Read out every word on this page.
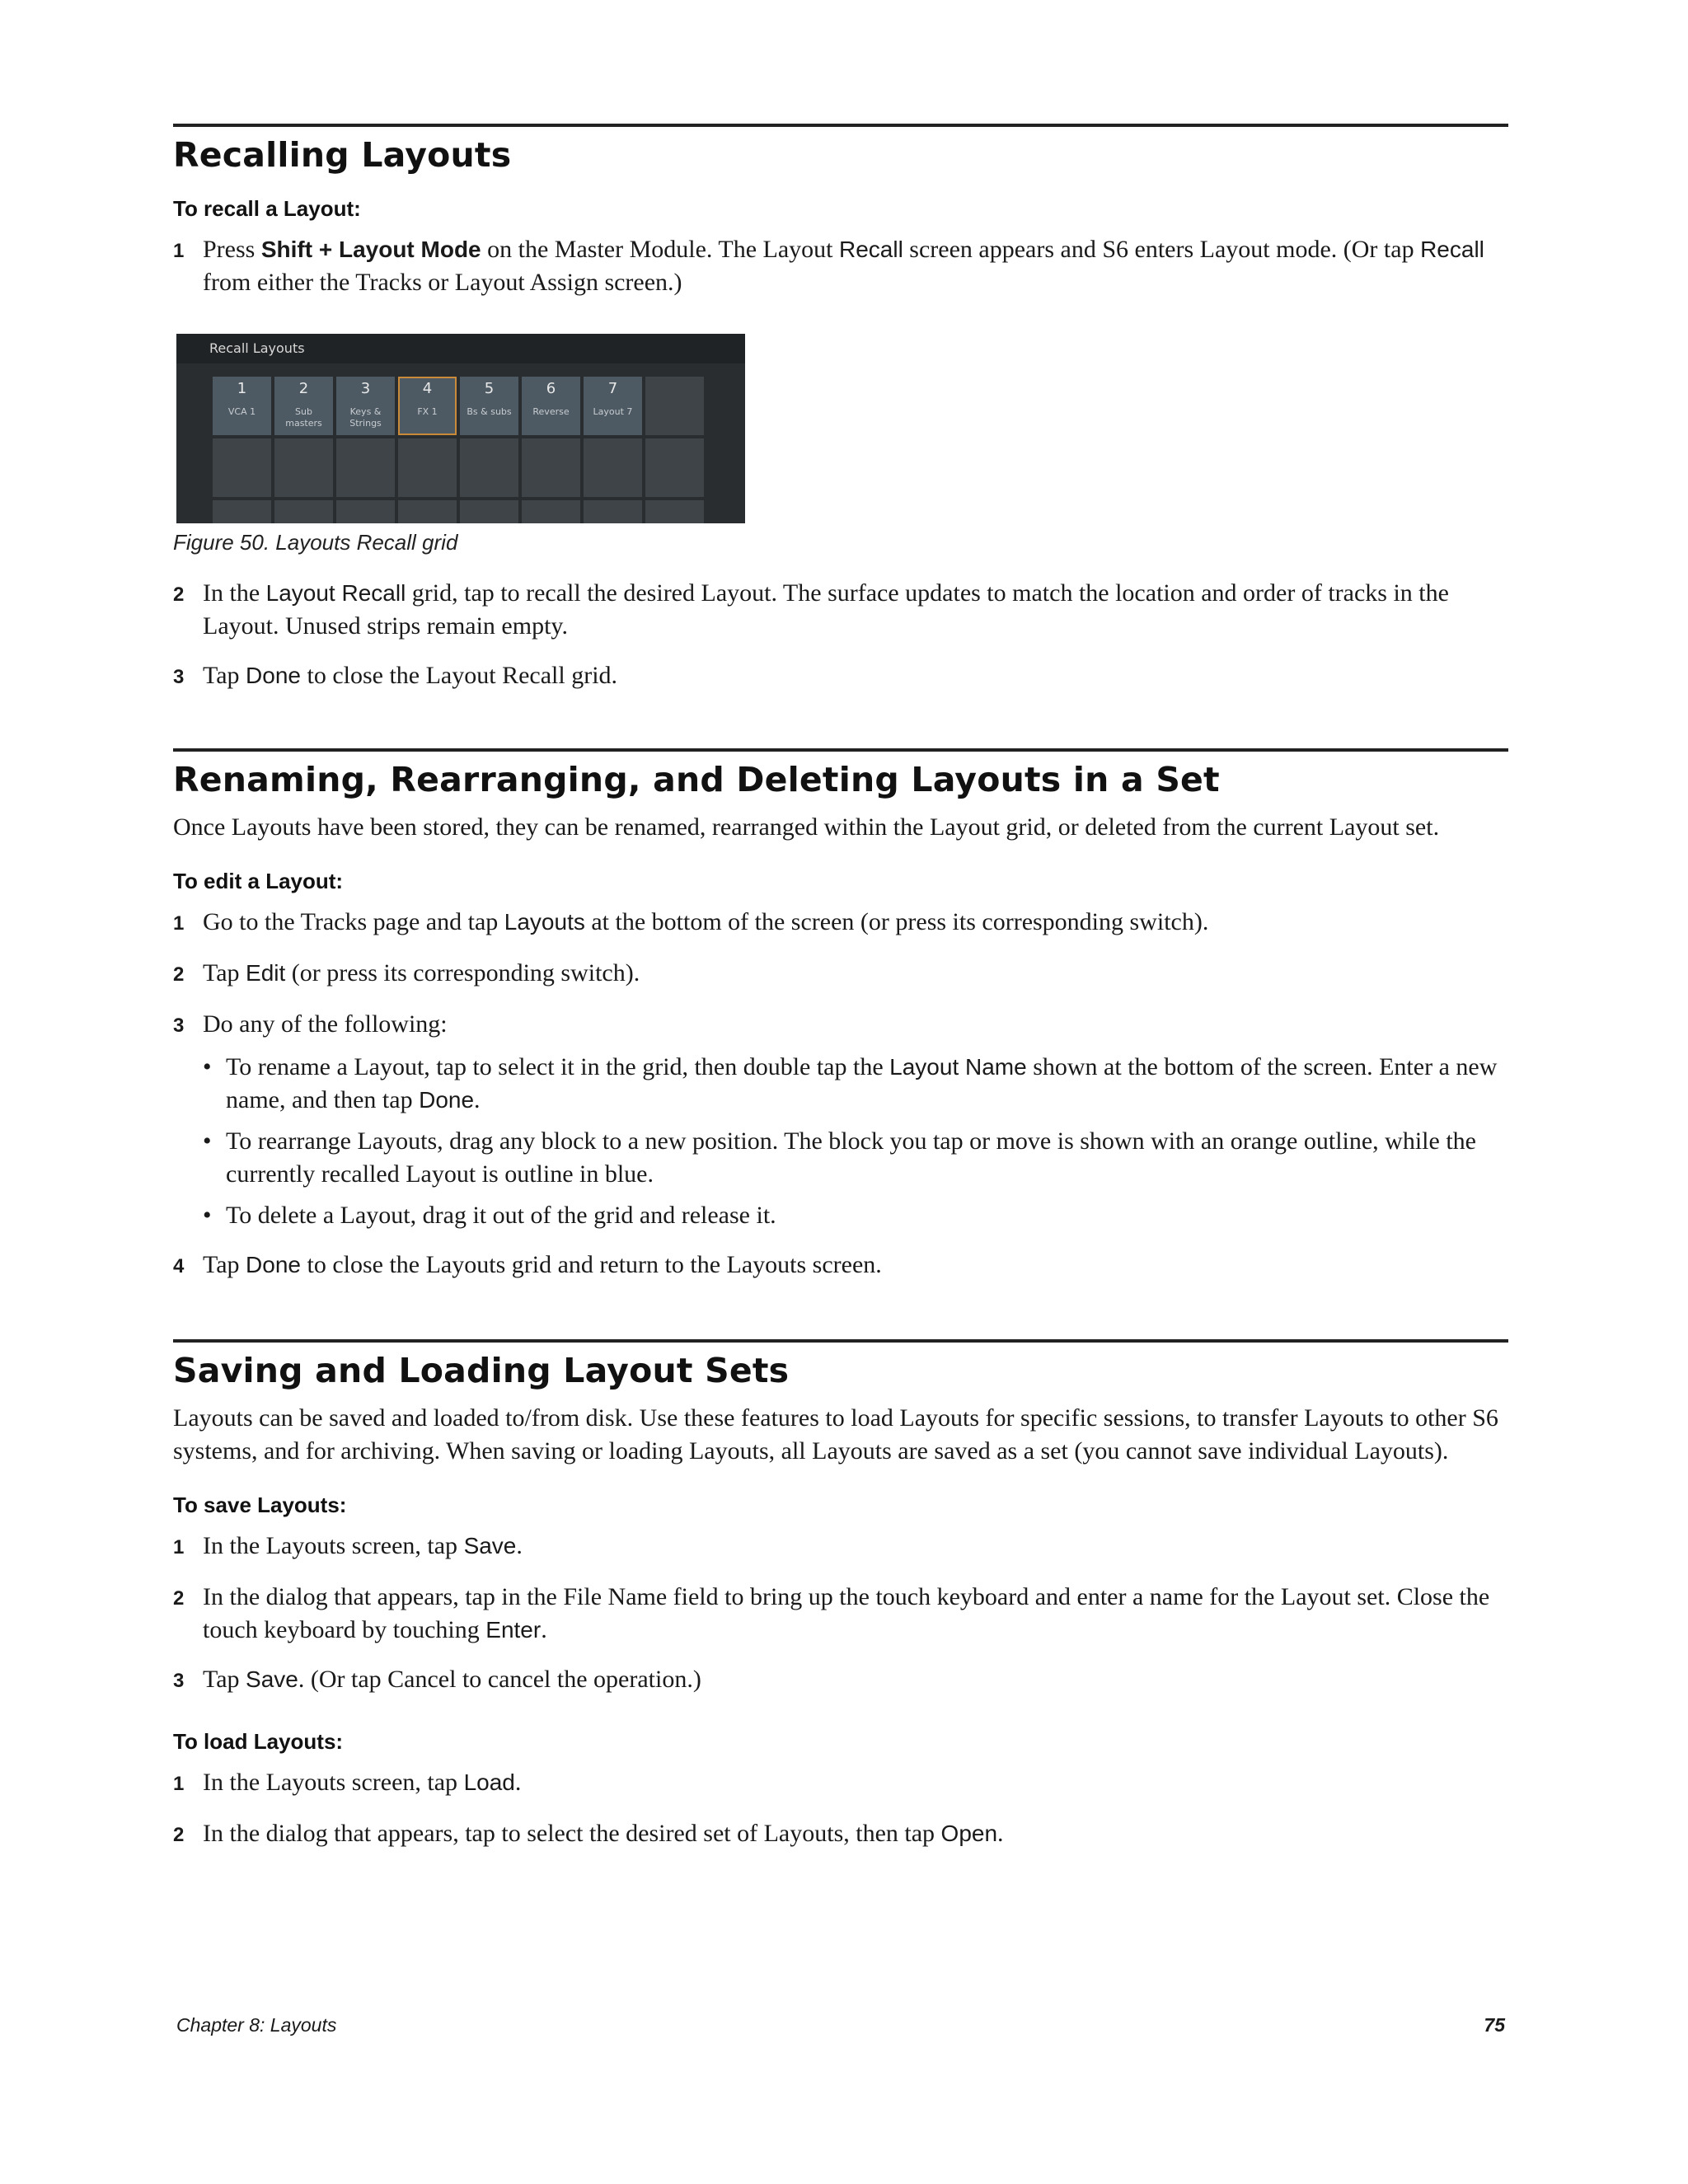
Recalling Layouts

To recall a Layout:

1 Press Shift + Layout Mode on the Master Module. The Layout Recall screen appears and S6 enters Layout mode. (Or tap Recall from either the Tracks or Layout Assign screen.)
Recall Layouts
1
VCA 1
2
Sub masters
3
Keys & Strings
4
FX 1
5
Bs & subs
6
Reverse
7
Layout 7

Figure 50. Layouts Recall grid

2 In the Layout Recall grid, tap to recall the desired Layout. The surface updates to match the location and order of tracks in the Layout. Unused strips remain empty.
3 Tap Done to close the Layout Recall grid.
Renaming, Rearranging, and Deleting Layouts in a Set

Once Layouts have been stored, they can be renamed, rearranged within the Layout grid, or deleted from the current Layout set.

To edit a Layout:

1 Go to the Tracks page and tap Layouts at the bottom of the screen (or press its corresponding switch).
2 Tap Edit (or press its corresponding switch).
3 Do any of the following:
• To rename a Layout, tap to select it in the grid, then double tap the Layout Name shown at the bottom of the screen. Enter a new name, and then tap Done.
• To rearrange Layouts, drag any block to a new position. The block you tap or move is shown with an orange outline, while the currently recalled Layout is outline in blue.
• To delete a Layout, drag it out of the grid and release it.
4 Tap Done to close the Layouts grid and return to the Layouts screen.
Saving and Loading Layout Sets

Layouts can be saved and loaded to/from disk. Use these features to load Layouts for specific sessions, to transfer Layouts to other S6 systems, and for archiving. When saving or loading Layouts, all Layouts are saved as a set (you cannot save individual Layouts).

To save Layouts:

1 In the Layouts screen, tap Save.
2 In the dialog that appears, tap in the File Name field to bring up the touch keyboard and enter a name for the Layout set. Close the touch keyboard by touching Enter.
3 Tap Save. (Or tap Cancel to cancel the operation.)

To load Layouts:

1 In the Layouts screen, tap Load.
2 In the dialog that appears, tap to select the desired set of Layouts, then tap Open.
Chapter 8: Layouts	75
